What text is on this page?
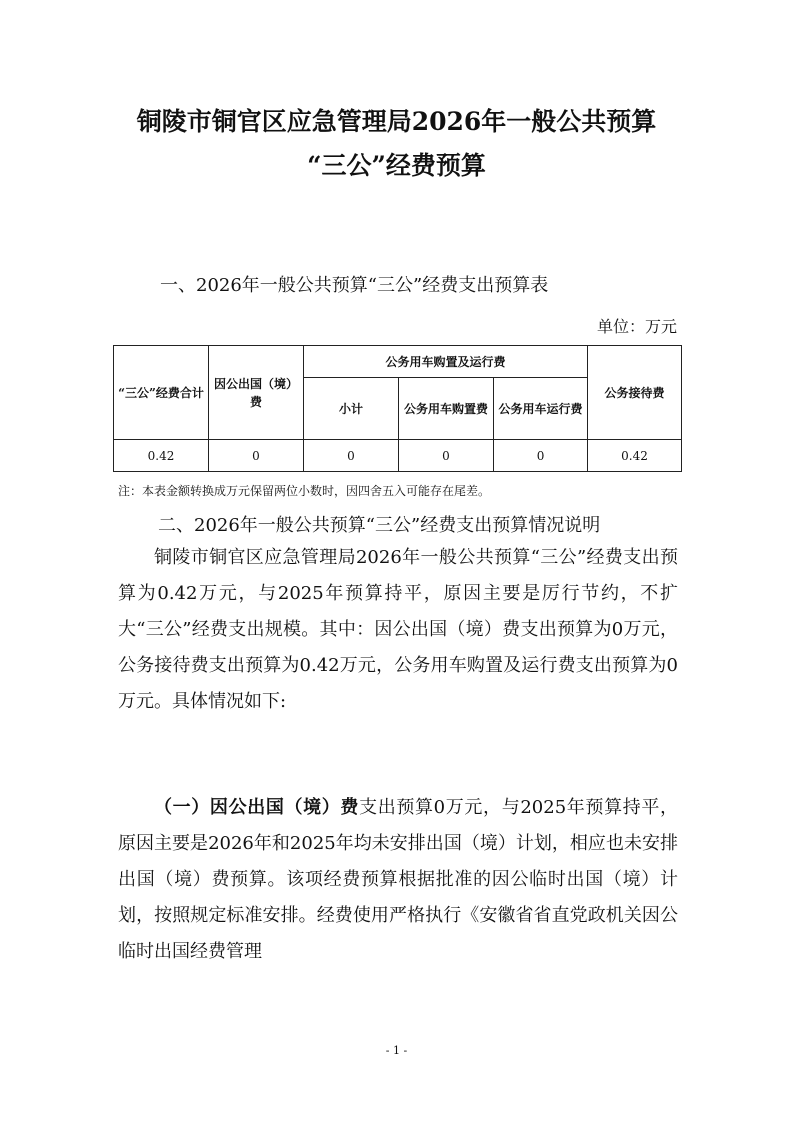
铜陵市铜官区应急管理局2026年一般公共预算
“三公”经费预算
一、2026年一般公共预算“三公”经费支出预算表
单位：万元
“三公”经费合计	因公出国（境）费	公务用车购置及运行费			公务接待费
		小计	公务用车购置费	公务用车运行费	
0.42	0	0	0	0	0.42
注：本表金额转换成万元保留两位小数时，因四舍五入可能存在尾差。
二、2026年一般公共预算“三公”经费支出预算情况说明
铜陵市铜官区应急管理局2026年一般公共预算“三公”经费支出预算为0.42万元，与2025年预算持平，原因主要是厉行节约，不扩大“三公”经费支出规模。其中：因公出国（境）费支出预算为0万元，公务接待费支出预算为0.42万元，公务用车购置及运行费支出预算为0万元。具体情况如下:
（一）因公出国（境）费支出预算0万元，与2025年预算持平，原因主要是2026年和2025年均未安排出国（境）计划，相应也未安排出国（境）费预算。该项经费预算根据批准的因公临时出国（境）计划，按照规定标准安排。经费使用严格执行《安徽省省直党政机关因公临时出国经费管理
- 1 -
